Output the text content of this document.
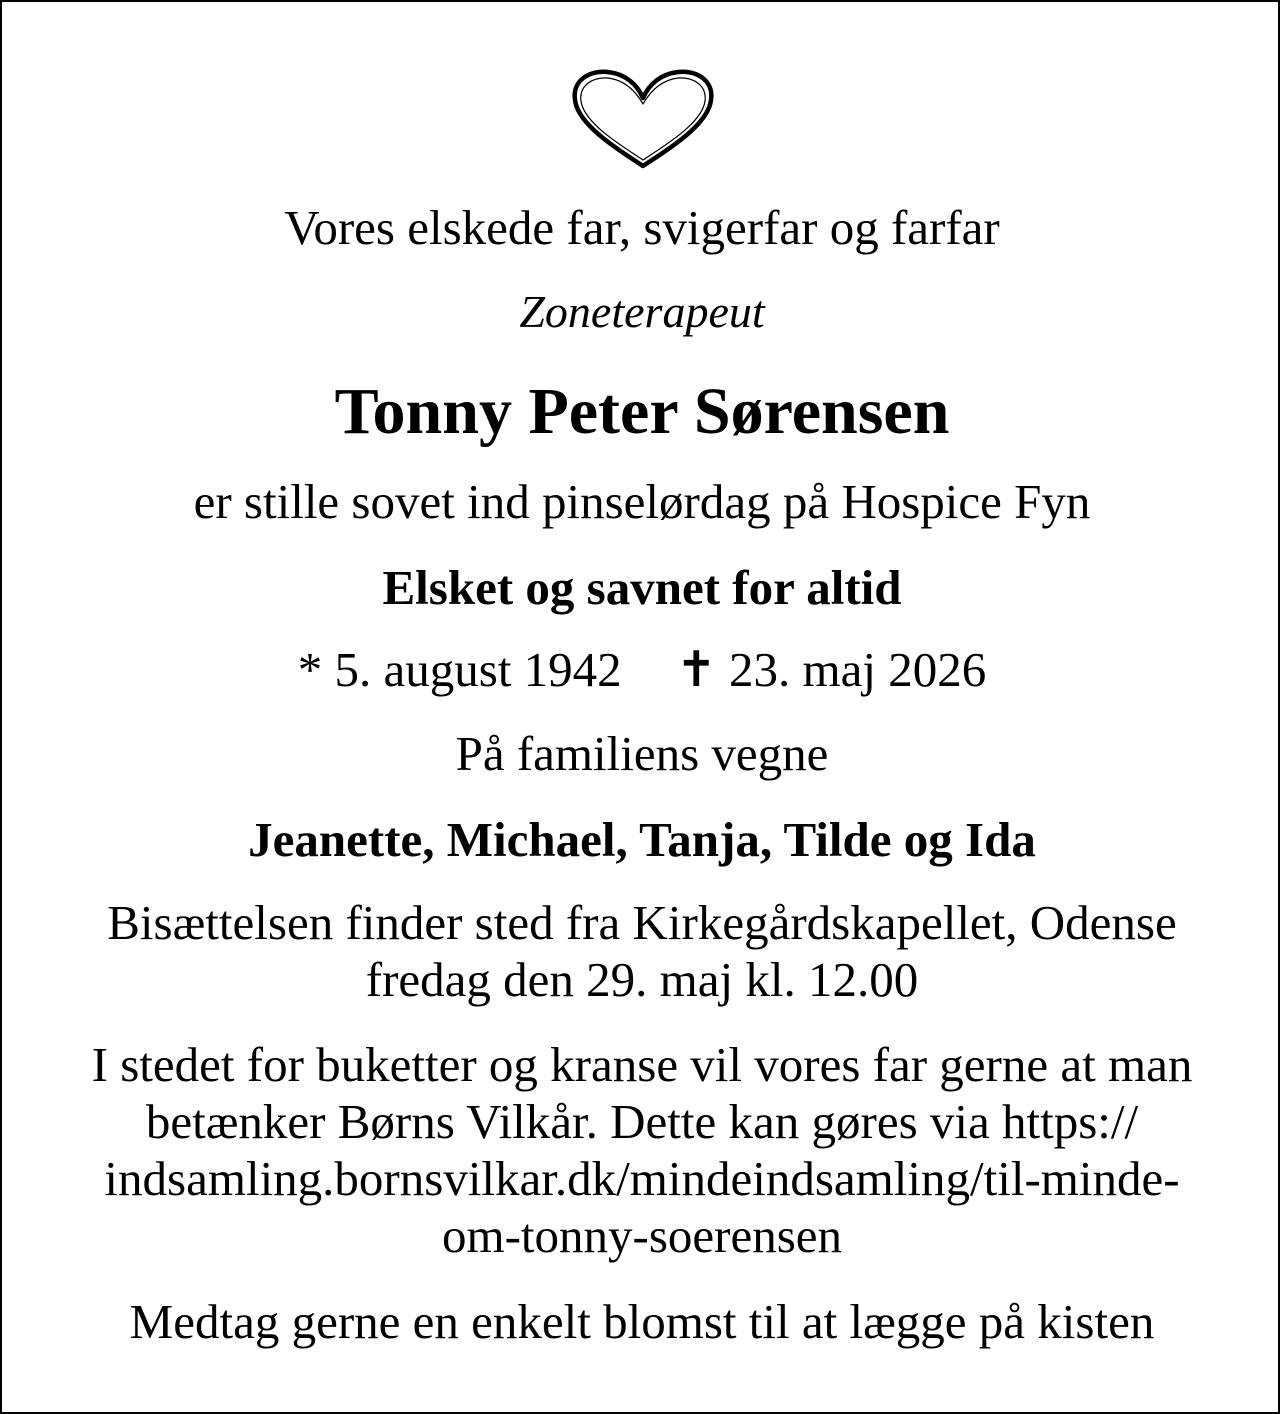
Vores elskede far, svigerfar og farfar

Zoneterapeut

Tonny Peter Sørensen

er stille sovet ind pinselørdag på Hospice Fyn

Elsket og savnet for altid

* 5. august 1942 ✝ 23. maj 2026

På familiens vegne

Jeanette, Michael, Tanja, Tilde og Ida

Bisættelsen finder sted fra Kirkegårdskapellet, Odense

fredag den 29. maj kl. 12.00

I stedet for buketter og kranse vil vores far gerne at man

betænker Børns Vilkår. Dette kan gøres via https://

indsamling.bornsvilkar.dk/mindeindsamling/til-minde-

om-tonny-soerensen

Medtag gerne en enkelt blomst til at lægge på kisten
